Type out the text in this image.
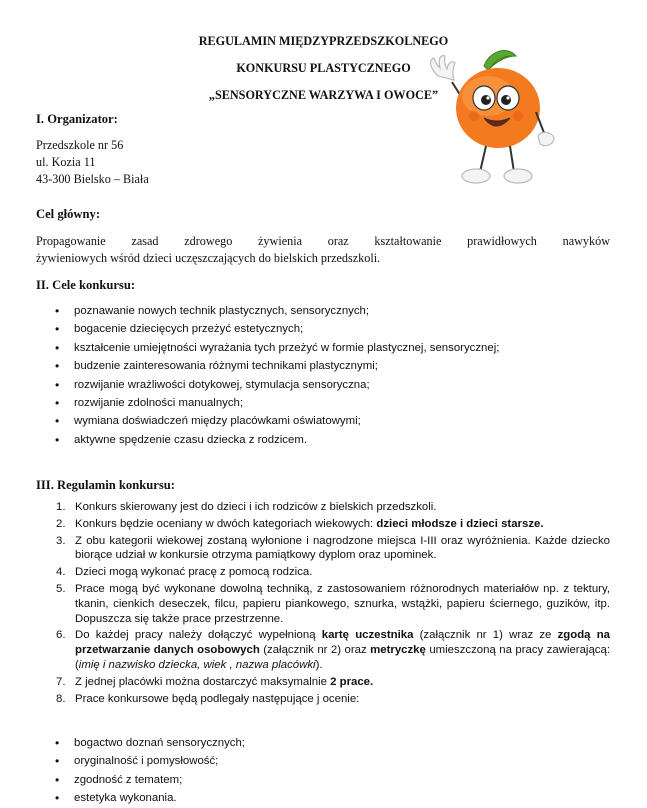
REGULAMIN MIĘDZYPRZEDSZKOLNEGO
KONKURSU PLASTYCZNEGO
„SENSORYCZNE WARZYWA I OWOCE”
I. Organizator:
Przedszkole nr 56
ul. Kozia 11
43-300 Bielsko – Biała
Cel główny:
Propagowanie zasad zdrowego żywienia oraz kształtowanie prawidłowych nawyków
żywieniowych wśród dzieci uczęszczających do bielskich przedszkoli.
II. Cele konkursu:
• poznawanie nowych technik plastycznych, sensorycznych;
• bogacenie dziecięcych przeżyć estetycznych;
• kształcenie umiejętności wyrażania tych przeżyć w formie plastycznej, sensorycznej;
• budzenie zainteresowania różnymi technikami plastycznymi;
• rozwijanie wrażliwości dotykowej, stymulacja sensoryczna;
• rozwijanie zdolności manualnych;
• wymiana doświadczeń między placówkami oświatowymi;
• aktywne spędzenie czasu dziecka z rodzicem.
III. Regulamin konkursu:
1. Konkurs skierowany jest do dzieci i ich rodziców z bielskich przedszkoli.
2. Konkurs będzie oceniany w dwóch kategoriach wiekowych: dzieci młodsze i dzieci starsze.
3. Z obu kategorii wiekowej zostaną wyłonione i nagrodzone miejsca I-III oraz wyróżnienia. Każde dziecko biorące udział w konkursie otrzyma pamiątkowy dyplom oraz upominek.
4. Dzieci mogą wykonać pracę z pomocą rodzica.
5. Prace mogą być wykonane dowolną techniką, z zastosowaniem różnorodnych materiałów np. z tektury, tkanin, cienkich deseczek, filcu, papieru piankowego, sznurka, wstążki, papieru ściernego, guzików, itp. Dopuszcza się także prace przestrzenne.
6. Do każdej pracy należy dołączyć wypełnioną kartę uczestnika (załącznik nr 1) wraz ze zgodą na przetwarzanie danych osobowych (załącznik nr 2) oraz metryczkę umieszczoną na pracy zawierającą: (imię i nazwisko dziecka, wiek , nazwa placówki).
7. Z jednej placówki można dostarczyć maksymalnie 2 prace.
8. Prace konkursowe będą podlegały następujące j ocenie:
• bogactwo doznań sensorycznych;
• oryginalność i pomysłowość;
• zgodność z tematem;
• estetyka wykonania.
